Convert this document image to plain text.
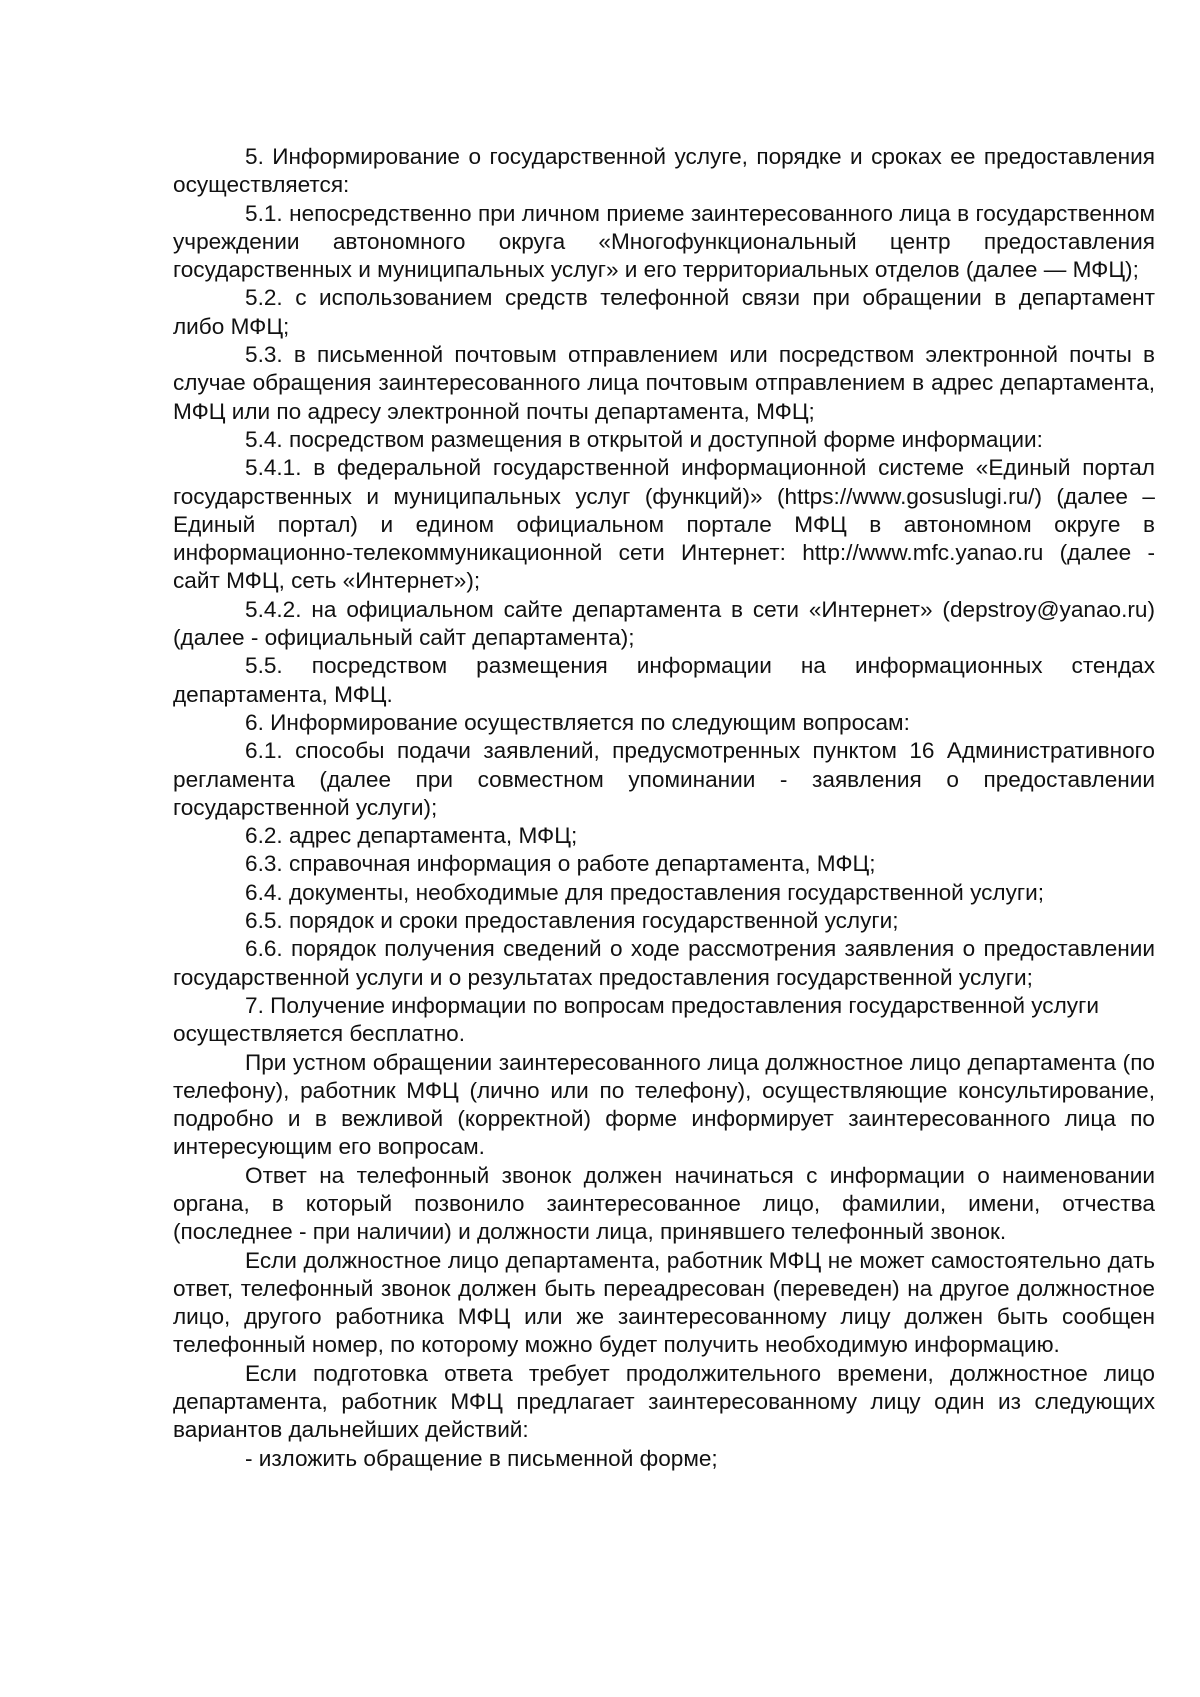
5. Информирование о государственной услуге, порядке и сроках ее предоставления осуществляется:

5.1. непосредственно при личном приеме заинтересованного лица в государственном учреждении автономного округа «Многофункциональный центр предоставления государственных и муниципальных услуг» и его территориальных отделов (далее — МФЦ);

5.2. с использованием средств телефонной связи при обращении в департамент либо МФЦ;

5.3. в письменной почтовым отправлением или посредством электронной почты в случае обращения заинтересованного лица почтовым отправлением в адрес департамента, МФЦ или по адресу электронной почты департамента, МФЦ;

5.4. посредством размещения в открытой и доступной форме информации:

5.4.1. в федеральной государственной информационной системе «Единый портал государственных и муниципальных услуг (функций)» (https://www.gosuslugi.ru/) (далее – Единый портал) и едином официальном портале МФЦ в автономном округе в информационно-телекоммуникационной сети Интернет: http://www.mfc.yanao.ru (далее - сайт МФЦ, сеть «Интернет»);

5.4.2. на официальном сайте департамента в сети «Интернет» (depstroy@yanao.ru) (далее - официальный сайт департамента);

5.5. посредством размещения информации на информационных стендах департамента, МФЦ.

6. Информирование осуществляется по следующим вопросам:

6.1. способы подачи заявлений, предусмотренных пунктом 16 Административного регламента (далее при совместном упоминании - заявления о предоставлении государственной услуги);

6.2. адрес департамента, МФЦ;

6.3. справочная информация о работе департамента, МФЦ;

6.4. документы, необходимые для предоставления государственной услуги;

6.5. порядок и сроки предоставления государственной услуги;

6.6. порядок получения сведений о ходе рассмотрения заявления о предоставлении государственной услуги и о результатах предоставления государственной услуги;

7. Получение информации по вопросам предоставления государственной услуги осуществляется бесплатно.

При устном обращении заинтересованного лица должностное лицо департамента (по телефону), работник МФЦ (лично или по телефону), осуществляющие консультирование, подробно и в вежливой (корректной) форме информирует заинтересованного лица по интересующим его вопросам.

Ответ на телефонный звонок должен начинаться с информации о наименовании органа, в который позвонило заинтересованное лицо, фамилии, имени, отчества (последнее - при наличии) и должности лица, принявшего телефонный звонок.

Если должностное лицо департамента, работник МФЦ не может самостоятельно дать ответ, телефонный звонок должен быть переадресован (переведен) на другое должностное лицо, другого работника МФЦ или же заинтересованному лицу должен быть сообщен телефонный номер, по которому можно будет получить необходимую информацию.

Если подготовка ответа требует продолжительного времени, должностное лицо департамента, работник МФЦ предлагает заинтересованному лицу один из следующих вариантов дальнейших действий:

- изложить обращение в письменной форме;
